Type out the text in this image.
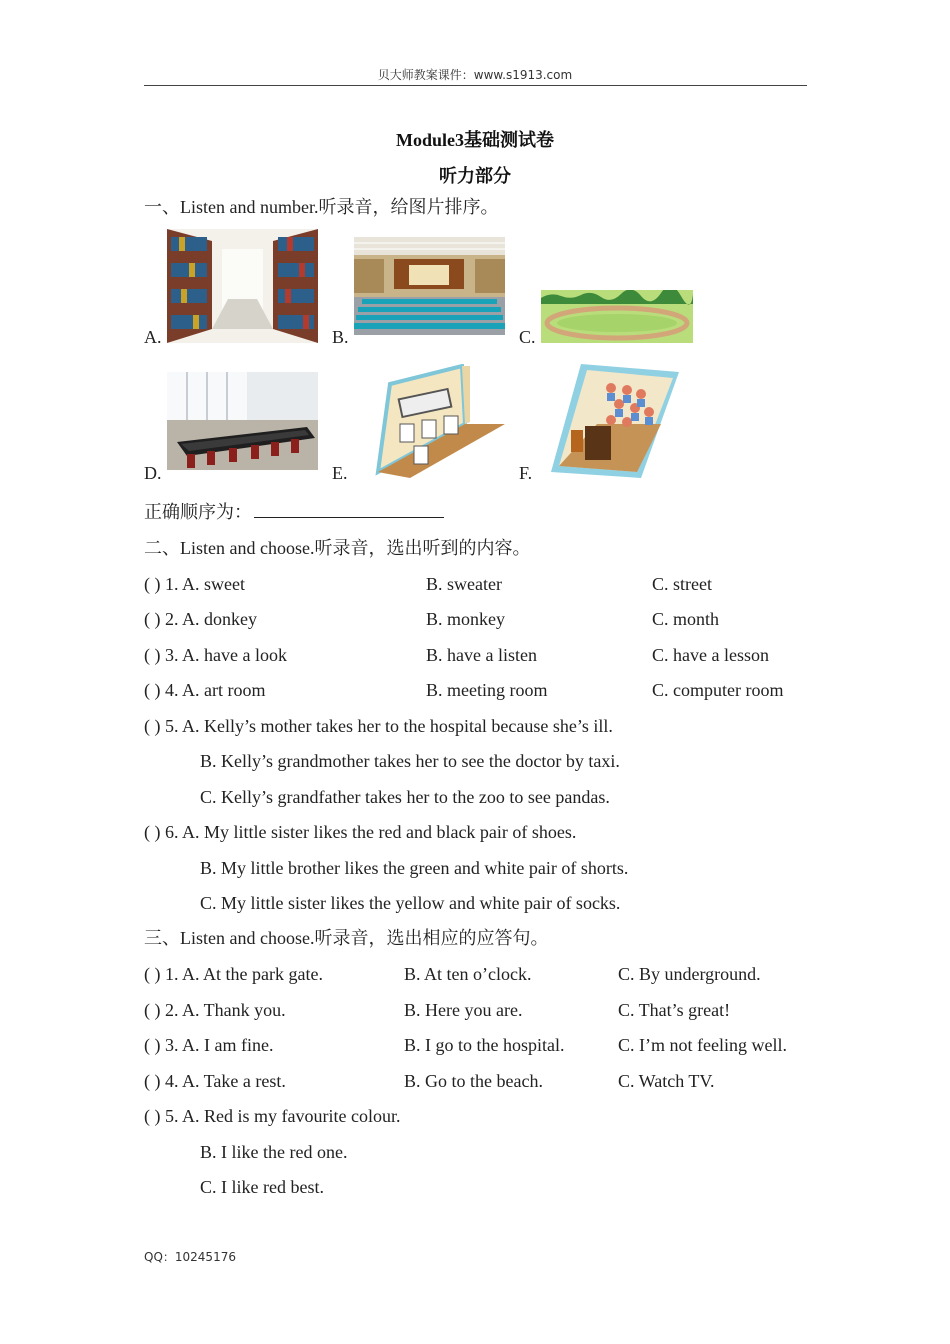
贝大师教案课件：www.s1913.com
Module3基础测试卷
听力部分
一、Listen and number.听录音，给图片排序。
A.	B.	C.
D.	E.	F.
正确顺序为：
二、Listen and choose.听录音，选出听到的内容。
( ) 1. A. sweet	B. sweater	C. street
( ) 2. A. donkey	B. monkey	C. month
( ) 3. A. have a look	B. have a listen	C. have a lesson
( ) 4. A. art room	B. meeting room	C. computer room
( ) 5. A. Kelly’s mother takes her to the hospital because she’s ill.
B. Kelly’s grandmother takes her to see the doctor by taxi.
C. Kelly’s grandfather takes her to the zoo to see pandas.
( ) 6. A. My little sister likes the red and black pair of shoes.
B. My little brother likes the green and white pair of shorts.
C. My little sister likes the yellow and white pair of socks.
三、Listen and choose.听录音，选出相应的应答句。
( ) 1. A. At the park gate.	B. At ten o’clock.	C. By underground.
( ) 2. A. Thank you.	B. Here you are.	C. That’s great!
( ) 3. A. I am fine.	B. I go to the hospital.	C. I’m not feeling well.
( ) 4. A. Take a rest.	B. Go to the beach.	C. Watch TV.
( ) 5. A. Red is my favourite colour.
B. I like the red one.
C. I like red best.
QQ：10245176
